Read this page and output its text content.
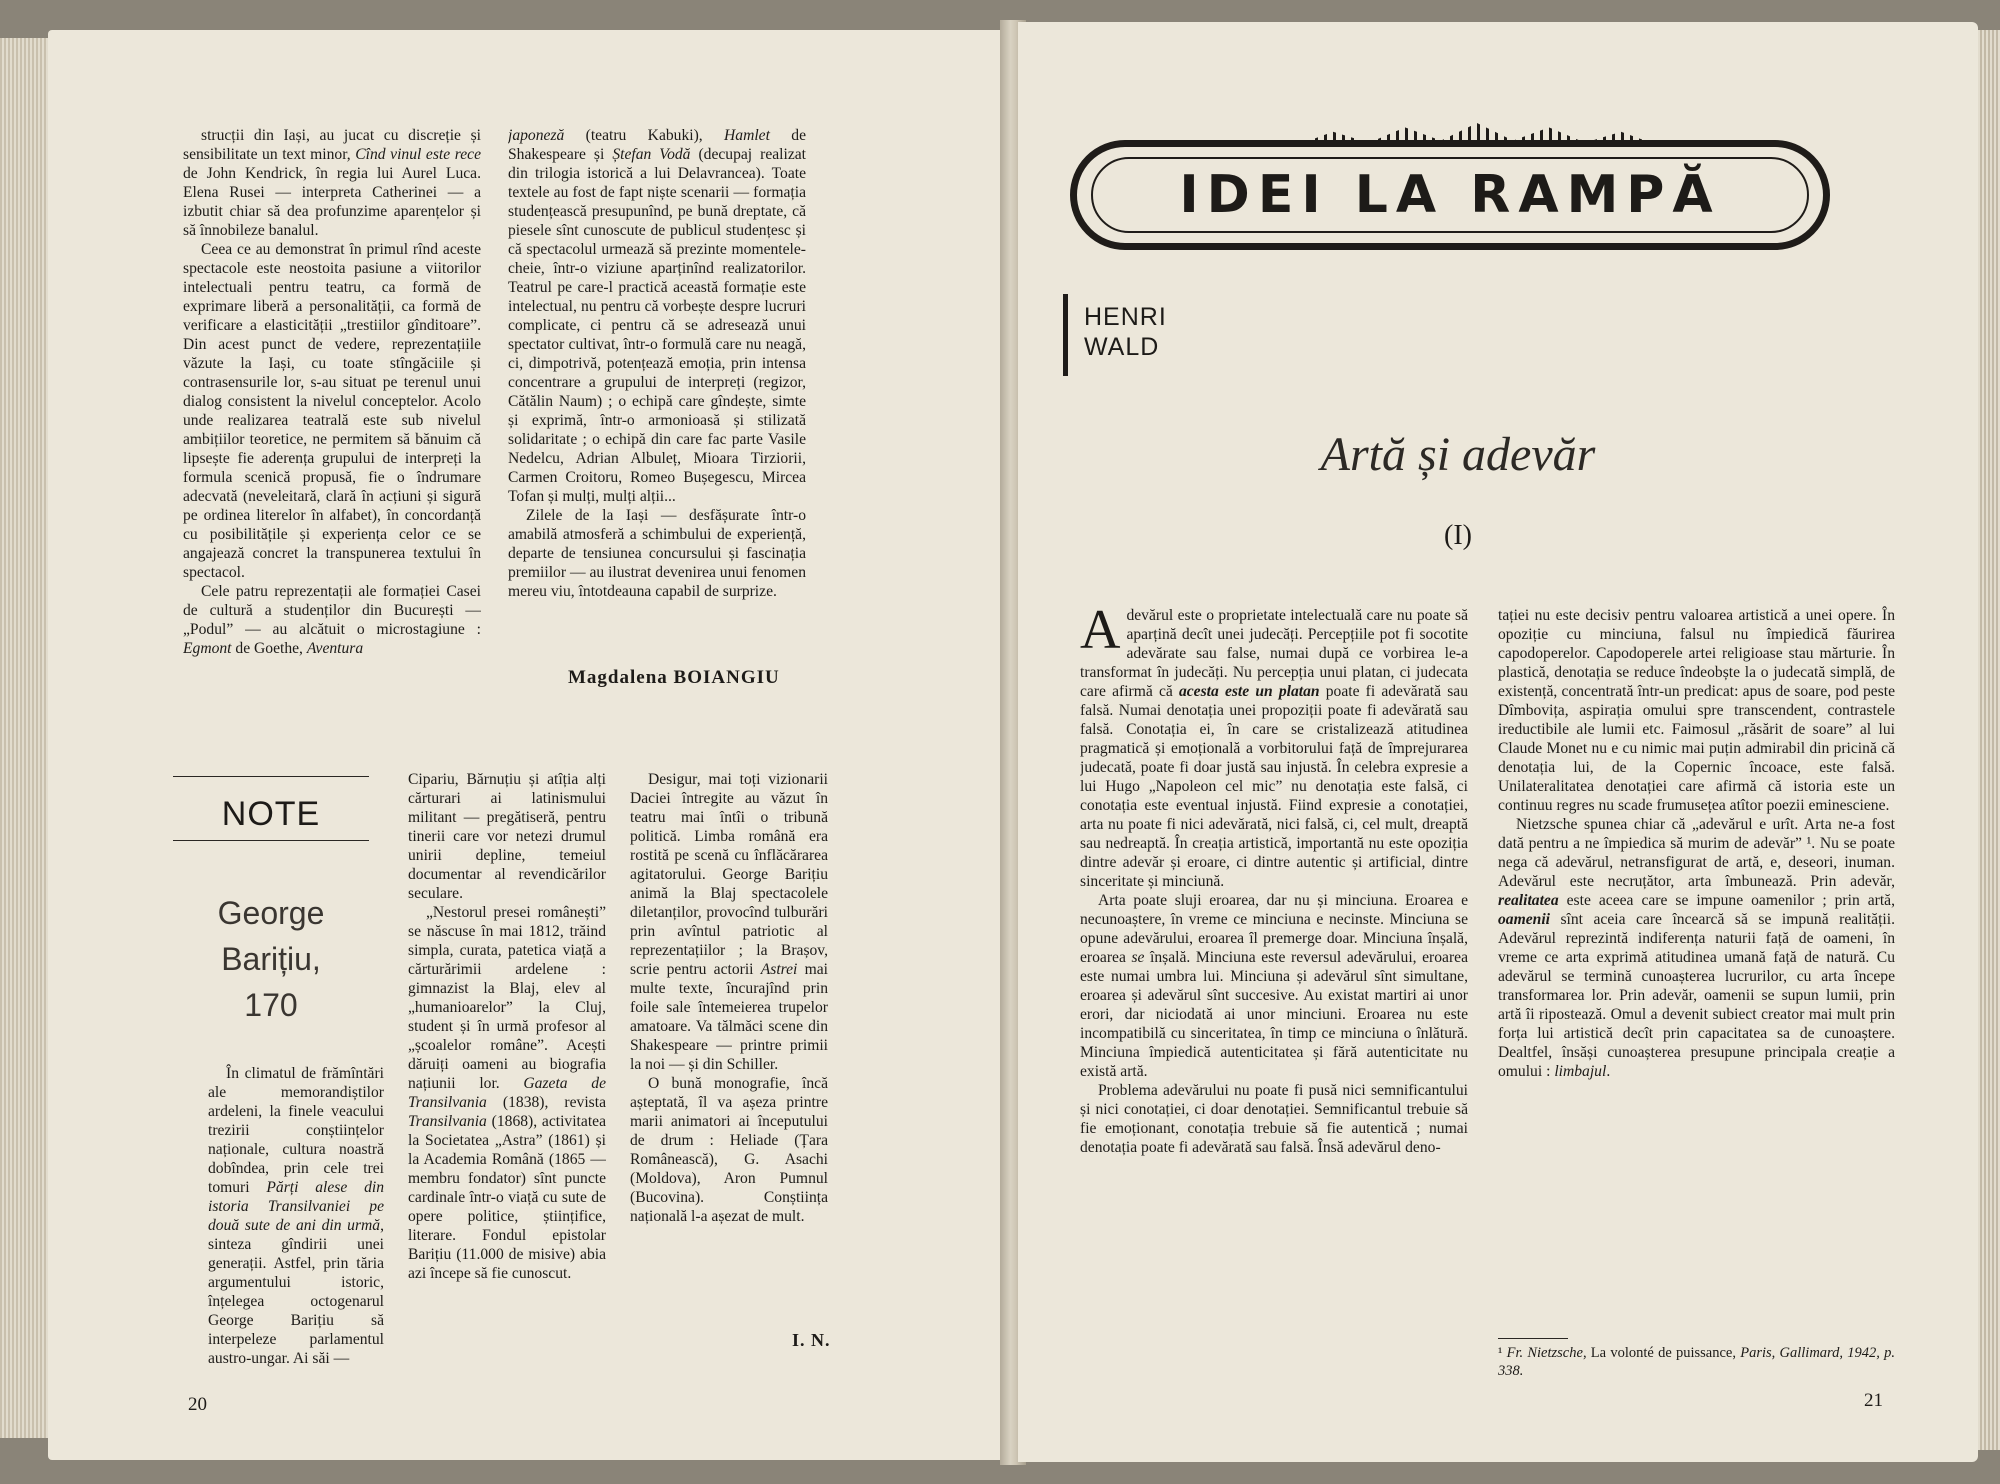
strucții din Iași, au jucat cu discreție și sensibilitate un text minor, Cînd vinul este rece de John Kendrick, în regia lui Aurel Luca. Elena Rusei — interpreta Catherinei — a izbutit chiar să dea profunzime aparențelor și să înnobileze banalul.

Ceea ce au demonstrat în primul rînd aceste spectacole este neostoita pasiune a viitorilor intelectuali pentru teatru, ca formă de exprimare liberă a personalității, ca formă de verificare a elasticității „trestiilor gînditoare”. Din acest punct de vedere, reprezentațiile văzute la Iași, cu toate stîngăciile și contrasensurile lor, s-au situat pe terenul unui dialog consistent la nivelul conceptelor. Acolo unde realizarea teatrală este sub nivelul ambițiilor teoretice, ne permitem să bănuim că lipsește fie aderența grupului de interpreți la formula scenică propusă, fie o îndrumare adecvată (neveleitară, clară în acțiuni și sigură pe ordinea literelor în alfabet), în concordanță cu posibilitățile și experiența celor ce se angajează concret la transpunerea textului în spectacol.

Cele patru reprezentații ale formației Casei de cultură a studenților din București — „Podul” — au alcătuit o microstagiune : Egmont de Goethe, Aventura

japoneză (teatru Kabuki), Hamlet de Shakespeare și Ștefan Vodă (decupaj realizat din trilogia istorică a lui Delavrancea). Toate textele au fost de fapt niște scenarii — formația studențească presupunînd, pe bună dreptate, că piesele sînt cunoscute de publicul studențesc și că spectacolul urmează să prezinte momentele-cheie, într-o viziune aparținînd realizatorilor. Teatrul pe care-l practică această formație este intelectual, nu pentru că vorbește despre lucruri complicate, ci pentru că se adresează unui spectator cultivat, într-o formulă care nu neagă, ci, dimpotrivă, potențează emoția, prin intensa concentrare a grupului de interpreți (regizor, Cătălin Naum) ; o echipă care gîndește, simte și exprimă, într-o armonioasă și stilizată solidaritate ; o echipă din care fac parte Vasile Nedelcu, Adrian Albuleț, Mioara Tirziorii, Carmen Croitoru, Romeo Bușegescu, Mircea Tofan și mulți, mulți alții...

Zilele de la Iași — desfășurate într-o amabilă atmosferă a schimbului de experiență, departe de tensiunea concursului și fascinația premiilor — au ilustrat devenirea unui fenomen mereu viu, întotdeauna capabil de surprize.

Magdalena BOIANGIU
NOTE
George
Barițiu,
170

În climatul de frămîntări ale memorandiștilor ardeleni, la finele veacului trezirii conștiințelor naționale, cultura noastră dobîndea, prin cele trei tomuri Părți alese din istoria Transilvaniei pe două sute de ani din urmă, sinteza gîndirii unei generații. Astfel, prin tăria argumentului istoric, înțelegea octogenarul George Barițiu să interpeleze parlamentul austro-ungar. Ai săi —

Cipariu, Bărnuțiu și atîția alți cărturari ai latinismului militant — pregătiseră, pentru tinerii care vor netezi drumul unirii depline, temeiul documentar al revendicărilor seculare.

„Nestorul presei românești” se născuse în mai 1812, trăind simpla, curata, patetica viață a cărturărimii ardelene : gimnazist la Blaj, elev al „humanioarelor” la Cluj, student și în urmă profesor al „școalelor române”. Acești dăruiți oameni au biografia națiunii lor. Gazeta de Transilvania (1838), revista Transilvania (1868), activitatea la Societatea „Astra” (1861) și la Academia Română (1865 — membru fondator) sînt puncte cardinale într-o viață cu sute de opere politice, științifice, literare. Fondul epistolar Barițiu (11.000 de misive) abia azi începe să fie cunoscut.

Desigur, mai toți vizionarii Daciei întregite au văzut în teatru mai întîi o tribună politică. Limba română era rostită pe scenă cu înflăcărarea agitatorului. George Barițiu animă la Blaj spectacolele diletanților, provocînd tulburări prin avîntul patriotic al reprezentațiilor ; la Brașov, scrie pentru actorii Astrei mai multe texte, încurajînd prin foile sale întemeierea trupelor amatoare. Va tălmăci scene din Shakespeare — printre primii la noi — și din Schiller.

O bună monografie, încă așteptată, îl va așeza printre marii animatori ai începutului de drum : Heliade (Țara Românească), G. Asachi (Moldova), Aron Pumnul (Bucovina). Conștiința națională l-a așezat de mult.

I. N.
20
IDEI LA RAMPĂ
HENRI
WALD
Artă și adevăr
(I)
A devărul este o proprietate intelectuală care nu poate să aparțină decît unei judecăți. Percepțiile pot fi socotite adevărate sau false, numai după ce vorbirea le-a transformat în judecăți. Nu percepția unui platan, ci judecata care afirmă că acesta este un platan poate fi adevărată sau falsă. Numai denotația unei propoziții poate fi adevărată sau falsă. Conotația ei, în care se cristalizează atitudinea pragmatică și emoțională a vorbitorului față de împrejurarea judecată, poate fi doar justă sau injustă. În celebra expresie a lui Hugo „Napoleon cel mic” nu denotația este falsă, ci conotația este eventual injustă. Fiind expresie a conotației, arta nu poate fi nici adevărată, nici falsă, ci, cel mult, dreaptă sau nedreaptă. În creația artistică, importantă nu este opoziția dintre adevăr și eroare, ci dintre autentic și artificial, dintre sinceritate și minciună.

Arta poate sluji eroarea, dar nu și minciuna. Eroarea e necunoaștere, în vreme ce minciuna e necinste. Minciuna se opune adevărului, eroarea îl premerge doar. Minciuna înșală, eroarea se înșală. Minciuna este reversul adevărului, eroarea este numai umbra lui. Minciuna și adevărul sînt simultane, eroarea și adevărul sînt succesive. Au existat martiri ai unor erori, dar niciodată ai unor minciuni. Eroarea nu este incompatibilă cu sinceritatea, în timp ce minciuna o înlătură. Minciuna împiedică autenticitatea și fără autenticitate nu există artă.

Problema adevărului nu poate fi pusă nici semnificantului și nici conotației, ci doar denotației. Semnificantul trebuie să fie emoționant, conotația trebuie să fie autentică ; numai denotația poate fi adevărată sau falsă. Însă adevărul deno-

tației nu este decisiv pentru valoarea artistică a unei opere. În opoziție cu minciuna, falsul nu împiedică făurirea capodoperelor. Capodoperele artei religioase stau mărturie. În plastică, denotația se reduce îndeobște la o judecată simplă, de existență, concentrată într-un predicat: apus de soare, pod peste Dîmbovița, aspirația omului spre transcendent, contrastele ireductibile ale lumii etc. Faimosul „răsărit de soare” al lui Claude Monet nu e cu nimic mai puțin admirabil din pricină că denotația lui, de la Copernic încoace, este falsă. Unilateralitatea denotației care afirmă că istoria este un continuu regres nu scade frumusețea atîtor poezii eminesciene.

Nietzsche spunea chiar că „adevărul e urît. Arta ne-a fost dată pentru a ne împiedica să murim de adevăr” ¹. Nu se poate nega că adevărul, netransfigurat de artă, e, deseori, inuman. Adevărul este necruțător, arta îmbunează. Prin adevăr, realitatea este aceea care se impune oamenilor ; prin artă, oamenii sînt aceia care încearcă să se impună realității. Adevărul reprezintă indiferența naturii față de oameni, în vreme ce arta exprimă atitudinea umană față de natură. Cu adevărul se termină cunoașterea lucrurilor, cu arta începe transformarea lor. Prin adevăr, oamenii se supun lumii, prin artă îi ripostează. Omul a devenit subiect creator mai mult prin forța lui artistică decît prin capacitatea sa de cunoaștere. Dealtfel, însăși cunoașterea presupune principala creație a omului : limbajul.

¹ Fr. Nietzsche, La volonté de puissance, Paris, Gallimard, 1942, p. 338.
21
